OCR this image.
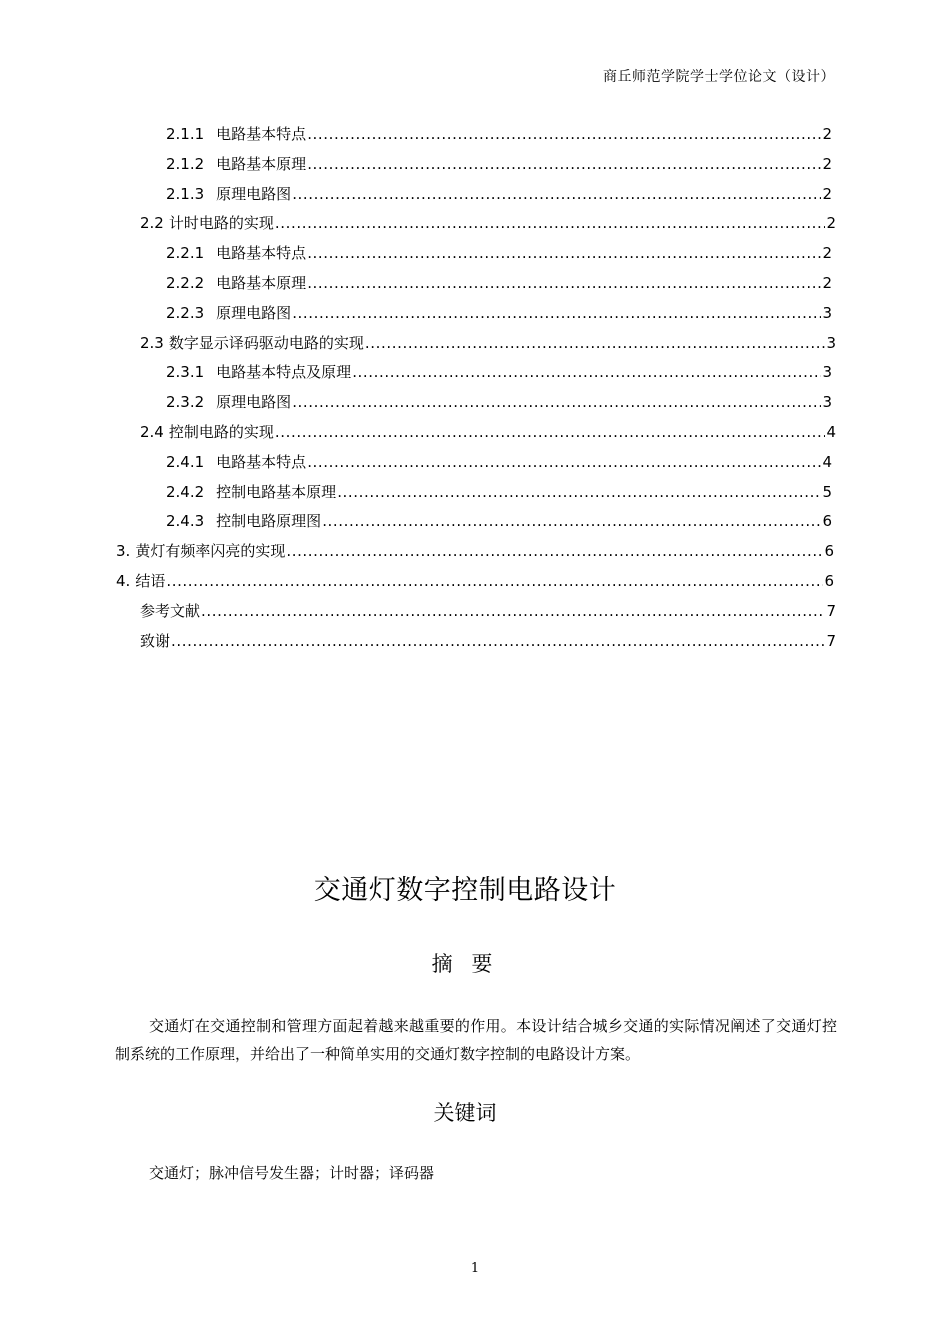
商丘师范学院学士学位论文（设计）
2.1.1 电路基本特点 .....	2
2.1.2 电路基本原理 .....	2
2.1.3 原理电路图 .....	2
2.2 计时电路的实现 .....	2
2.2.1 电路基本特点 .....	2
2.2.2 电路基本原理 .....	2
2.2.3 原理电路图 .....	3
2.3 数字显示译码驱动电路的实现 .....	3
2.3.1 电路基本特点及原理 .....	3
2.3.2 原理电路图 .....	3
2.4 控制电路的实现 .....	4
2.4.1 电路基本特点 .....	4
2.4.2 控制电路基本原理 .....	5
2.4.3 控制电路原理图 .....	6
3. 黄灯有频率闪亮的实现 .....	6
4. 结语 .....	6
参考文献 .....	7
致谢 .....	7
交通灯数字控制电路设计
摘 要
交通灯在交通控制和管理方面起着越来越重要的作用。本设计结合城乡交通的实际情况阐述了交通灯控制系统的工作原理，并给出了一种简单实用的交通灯数字控制的电路设计方案。
关键词
交通灯；脉冲信号发生器；计时器；译码器
1
